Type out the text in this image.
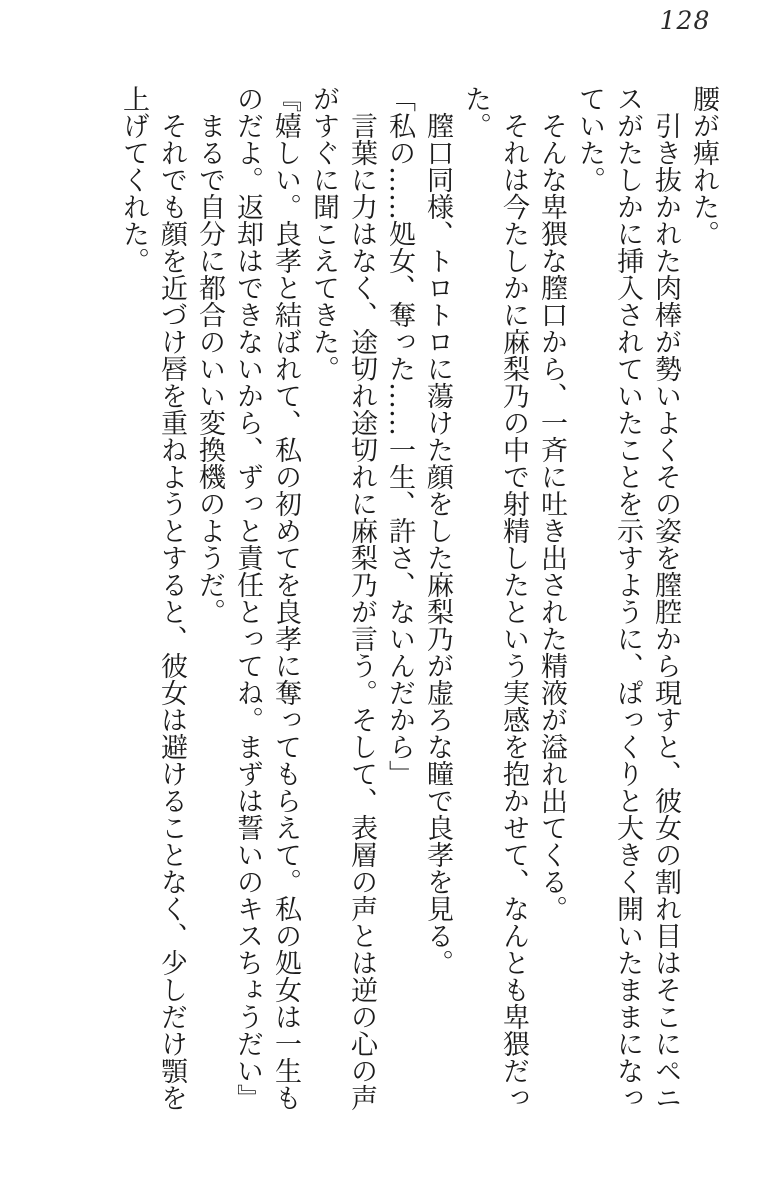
128

腰が痺れた。

引き抜かれた肉棒が勢いよくその姿を膣腔から現すと、彼女の割れ目はそこにペニスがたしかに挿入されていたことを示すように、ぱっくりと大きく開いたままになっていた。

そんな卑猥な膣口から、一斉に吐き出された精液が溢れ出てくる。

それは今たしかに麻梨乃の中で射精したという実感を抱かせて、なんとも卑猥だった。

膣口同様、トロトロに蕩けた顔をした麻梨乃が虚ろな瞳で良孝を見る。

「私の……処女、奪った……一生、許さ、ないんだから」

言葉に力はなく、途切れ途切れに麻梨乃が言う。そして、表層の声とは逆の心の声がすぐに聞こえてきた。

『嬉しい。良孝と結ばれて、私の初めてを良孝に奪ってもらえて。私の処女は一生ものだよ。返却はできないから、ずっと責任とってね。まずは誓いのキスちょうだい』

まるで自分に都合のいい変換機のようだ。

それでも顔を近づけ唇を重ねようとすると、彼女は避けることなく、少しだけ顎を上げてくれた。
